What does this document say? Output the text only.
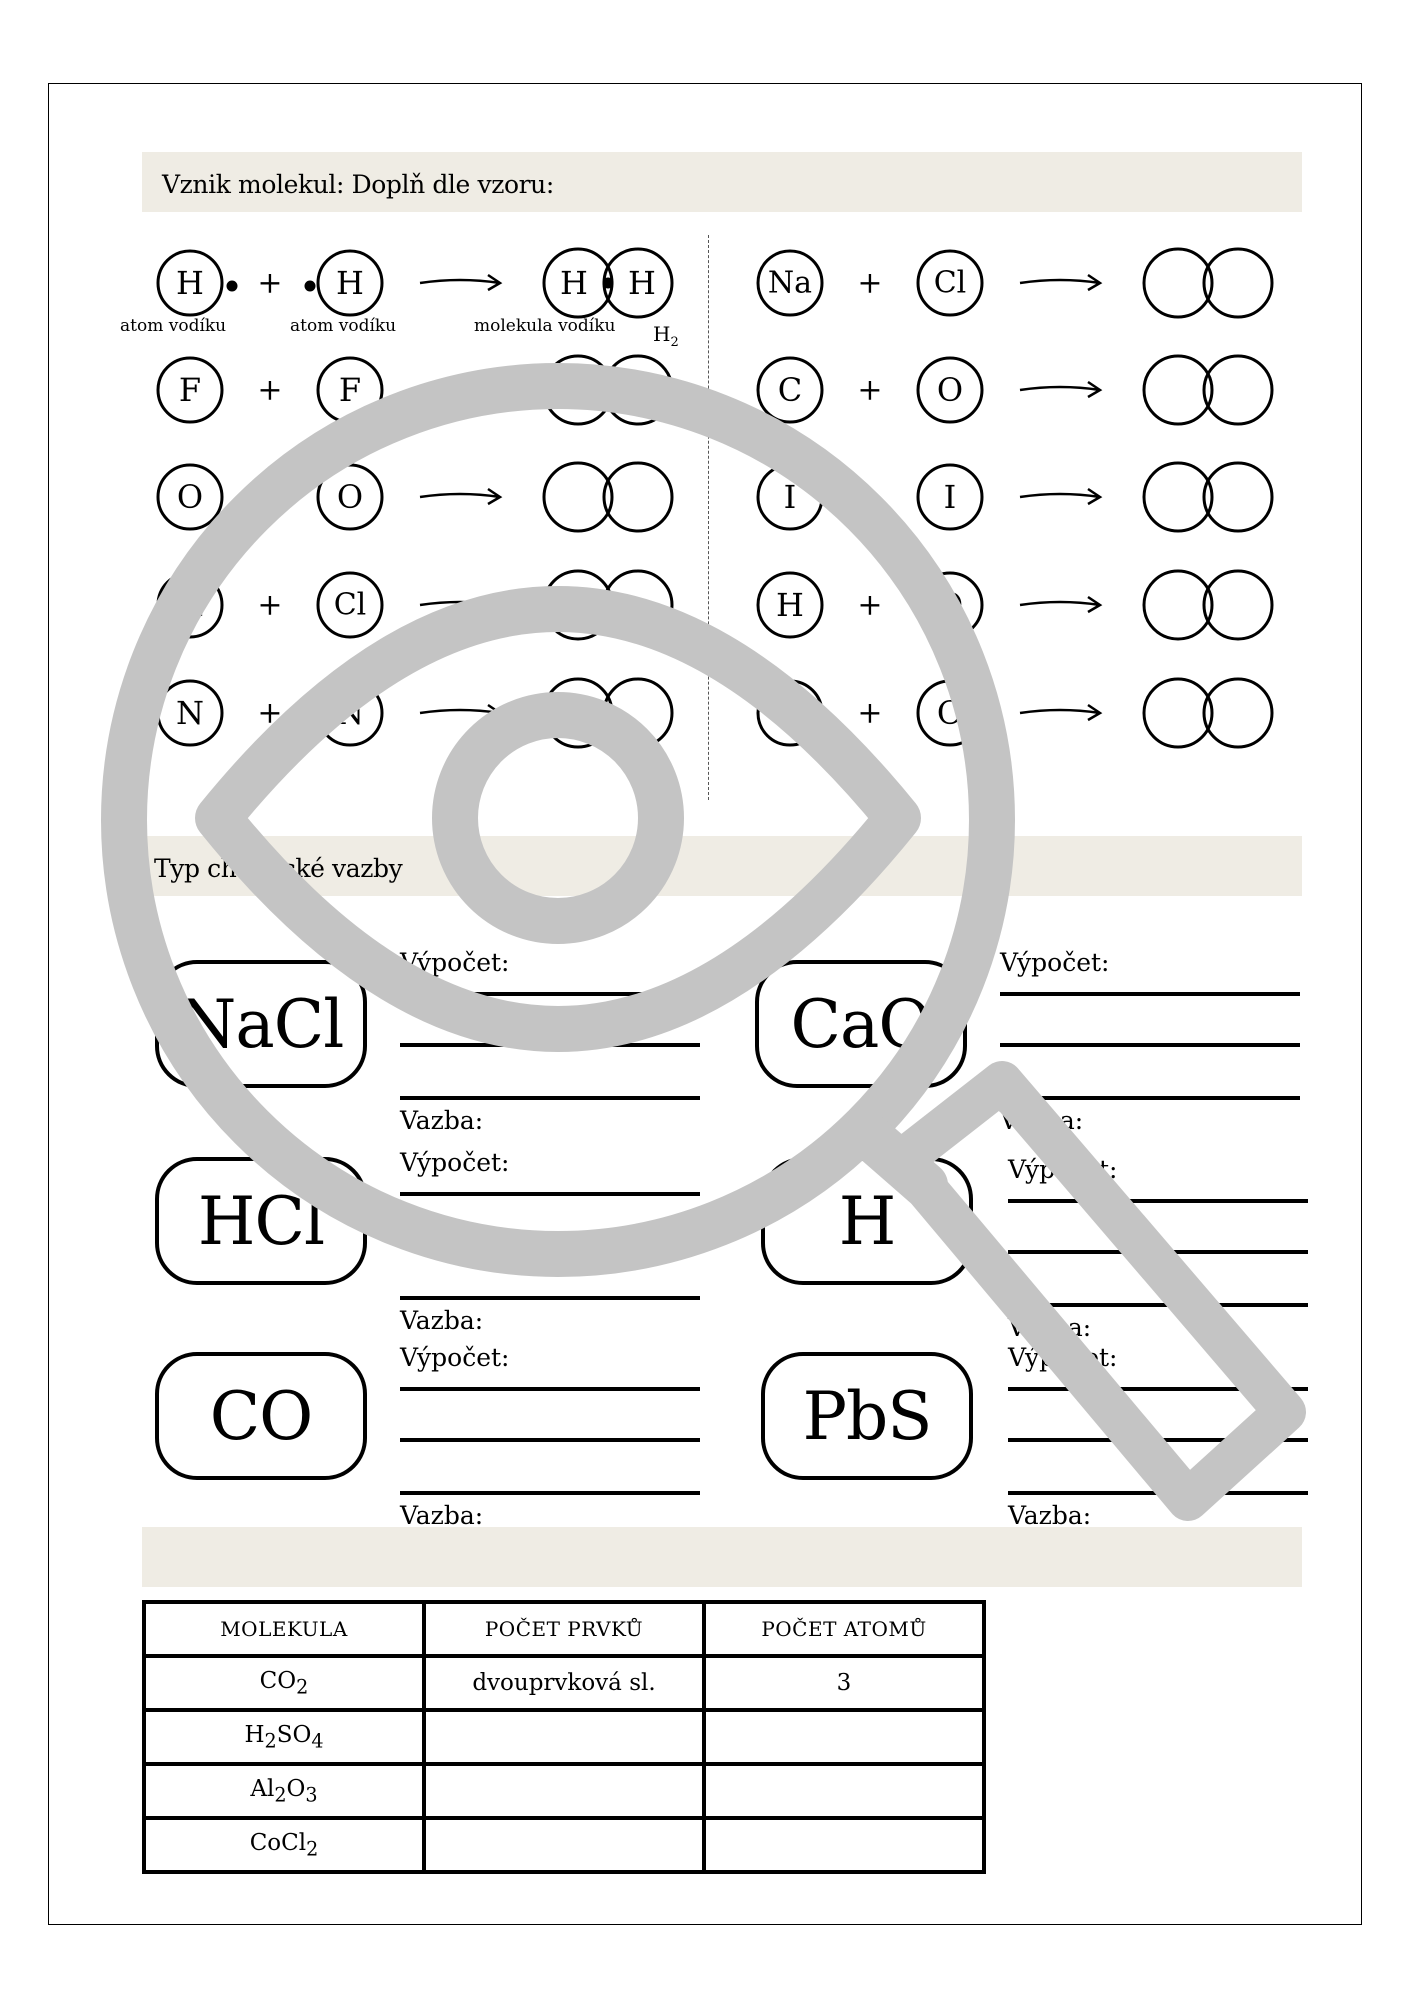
Vznik molekul: Doplň dle vzoru:
Typ chemické vazby
H + H	H H
F + F
O + O
H + Cl
N + N
Na + Cl
C + O
I + I
H + O
C + O
atom vodíku	atom vodíku	molekula vodíku $H_2$
NaCl	CaO
HCl	H
CO	PbS
Výpočet:
Vazba:
Výpočet:
Vazba:
Výpočet:
Vazba:
Výpočet:
Vazba:
Výpočet:
Vazba:
Výpočet:
Vazba:
MOLEKULA	POČET PRVKŮ	POČET ATOMŮ
$CO_2$	dvouprvková sl.	3
$H_2SO_4$		
$Al_2O_3$		
CoCl$_2$		
